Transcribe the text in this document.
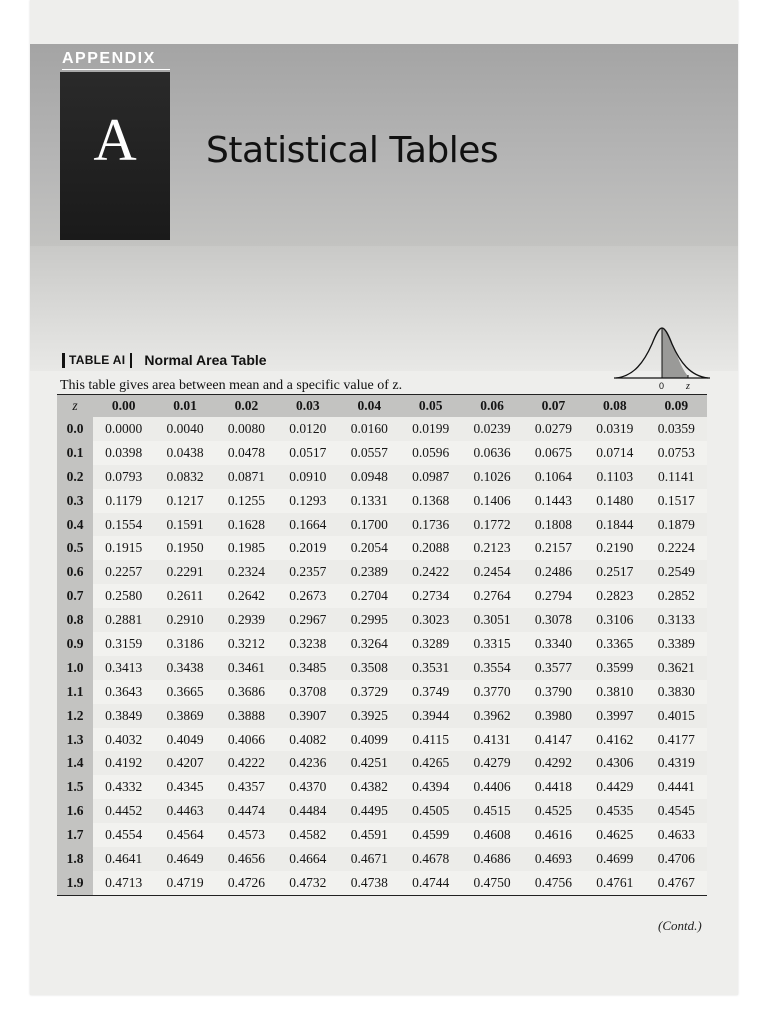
APPENDIX
A	Statistical Tables
TABLE AI Normal Area Table
This table gives area between mean and a specific value of z.	0 z
z	0.00	0.01	0.02	0.03	0.04	0.05	0.06	0.07	0.08	0.09
0.0	0.0000	0.0040	0.0080	0.0120	0.0160	0.0199	0.0239	0.0279	0.0319	0.0359
0.1	0.0398	0.0438	0.0478	0.0517	0.0557	0.0596	0.0636	0.0675	0.0714	0.0753
0.2	0.0793	0.0832	0.0871	0.0910	0.0948	0.0987	0.1026	0.1064	0.1103	0.1141
0.3	0.1179	0.1217	0.1255	0.1293	0.1331	0.1368	0.1406	0.1443	0.1480	0.1517
0.4	0.1554	0.1591	0.1628	0.1664	0.1700	0.1736	0.1772	0.1808	0.1844	0.1879
0.5	0.1915	0.1950	0.1985	0.2019	0.2054	0.2088	0.2123	0.2157	0.2190	0.2224
0.6	0.2257	0.2291	0.2324	0.2357	0.2389	0.2422	0.2454	0.2486	0.2517	0.2549
0.7	0.2580	0.2611	0.2642	0.2673	0.2704	0.2734	0.2764	0.2794	0.2823	0.2852
0.8	0.2881	0.2910	0.2939	0.2967	0.2995	0.3023	0.3051	0.3078	0.3106	0.3133
0.9	0.3159	0.3186	0.3212	0.3238	0.3264	0.3289	0.3315	0.3340	0.3365	0.3389
1.0	0.3413	0.3438	0.3461	0.3485	0.3508	0.3531	0.3554	0.3577	0.3599	0.3621
1.1	0.3643	0.3665	0.3686	0.3708	0.3729	0.3749	0.3770	0.3790	0.3810	0.3830
1.2	0.3849	0.3869	0.3888	0.3907	0.3925	0.3944	0.3962	0.3980	0.3997	0.4015
1.3	0.4032	0.4049	0.4066	0.4082	0.4099	0.4115	0.4131	0.4147	0.4162	0.4177
1.4	0.4192	0.4207	0.4222	0.4236	0.4251	0.4265	0.4279	0.4292	0.4306	0.4319
1.5	0.4332	0.4345	0.4357	0.4370	0.4382	0.4394	0.4406	0.4418	0.4429	0.4441
1.6	0.4452	0.4463	0.4474	0.4484	0.4495	0.4505	0.4515	0.4525	0.4535	0.4545
1.7	0.4554	0.4564	0.4573	0.4582	0.4591	0.4599	0.4608	0.4616	0.4625	0.4633
1.8	0.4641	0.4649	0.4656	0.4664	0.4671	0.4678	0.4686	0.4693	0.4699	0.4706
1.9	0.4713	0.4719	0.4726	0.4732	0.4738	0.4744	0.4750	0.4756	0.4761	0.4767
(Contd.)
